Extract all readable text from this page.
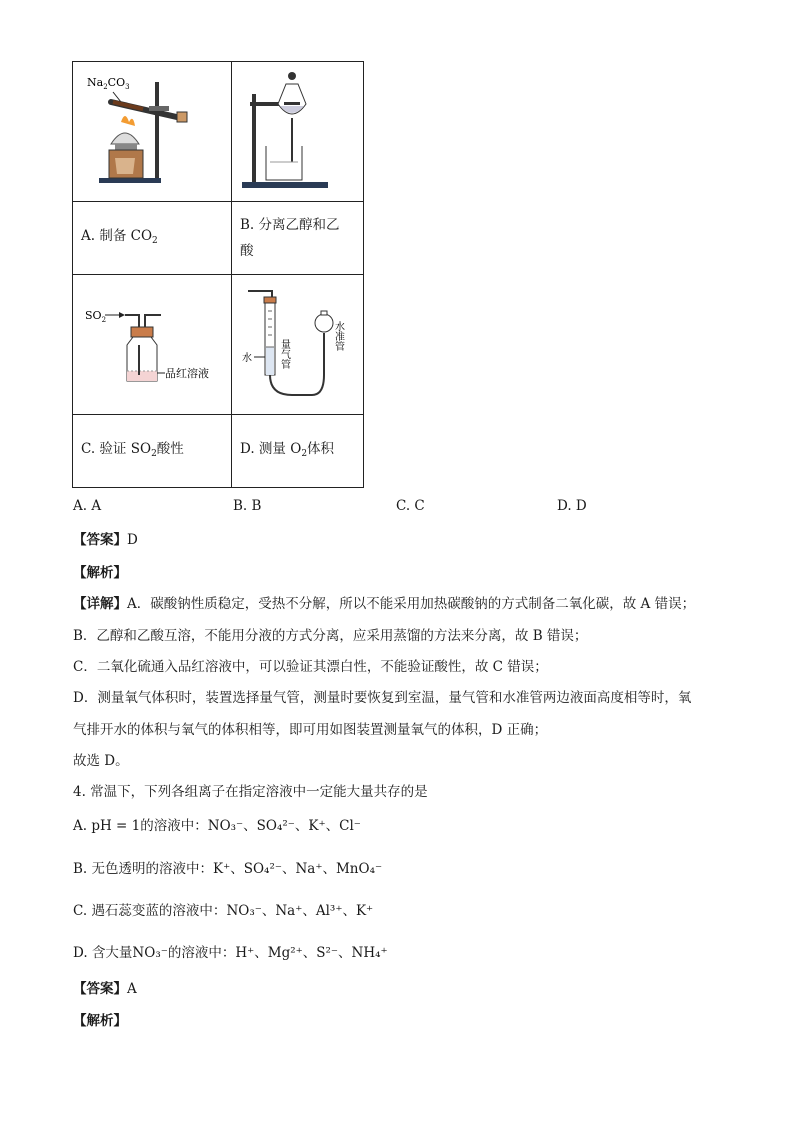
$Na_2CO_3$

A. 制备 $CO_2$	B. 分离乙醇和乙
酸

$SO_2$
品红溶液	水 量气管
水准管

C. 验证 $SO_2$酸性	D. 测量 $O_2$体积
A. A	B. B	C. C	D. D
【答案】D
【解析】
【详解】A．碳酸钠性质稳定，受热不分解，所以不能采用加热碳酸钠的方式制备二氧化碳，故 A 错误；
B．乙醇和乙酸互溶，不能用分液的方式分离，应采用蒸馏的方法来分离，故 B 错误；
C．二氧化硫通入品红溶液中，可以验证其漂白性，不能验证酸性，故 C 错误；
D．测量氧气体积时，装置选择量气管，测量时要恢复到室温，量气管和水准管两边液面高度相等时，氧
气排开水的体积与氧气的体积相等，即可用如图装置测量氧气的体积，D 正确；
故选 D。
4. 常温下，下列各组离子在指定溶液中一定能大量共存的是
A. pH = 1的溶液中：NO₃⁻、SO₄²⁻、K⁺、Cl⁻
B. 无色透明的溶液中：K⁺、SO₄²⁻、Na⁺、MnO₄⁻
C. 遇石蕊变蓝的溶液中：NO₃⁻、Na⁺、Al³⁺、K⁺
D. 含大量NO₃⁻的溶液中：H⁺、Mg²⁺、S²⁻、NH₄⁺
【答案】A
【解析】
